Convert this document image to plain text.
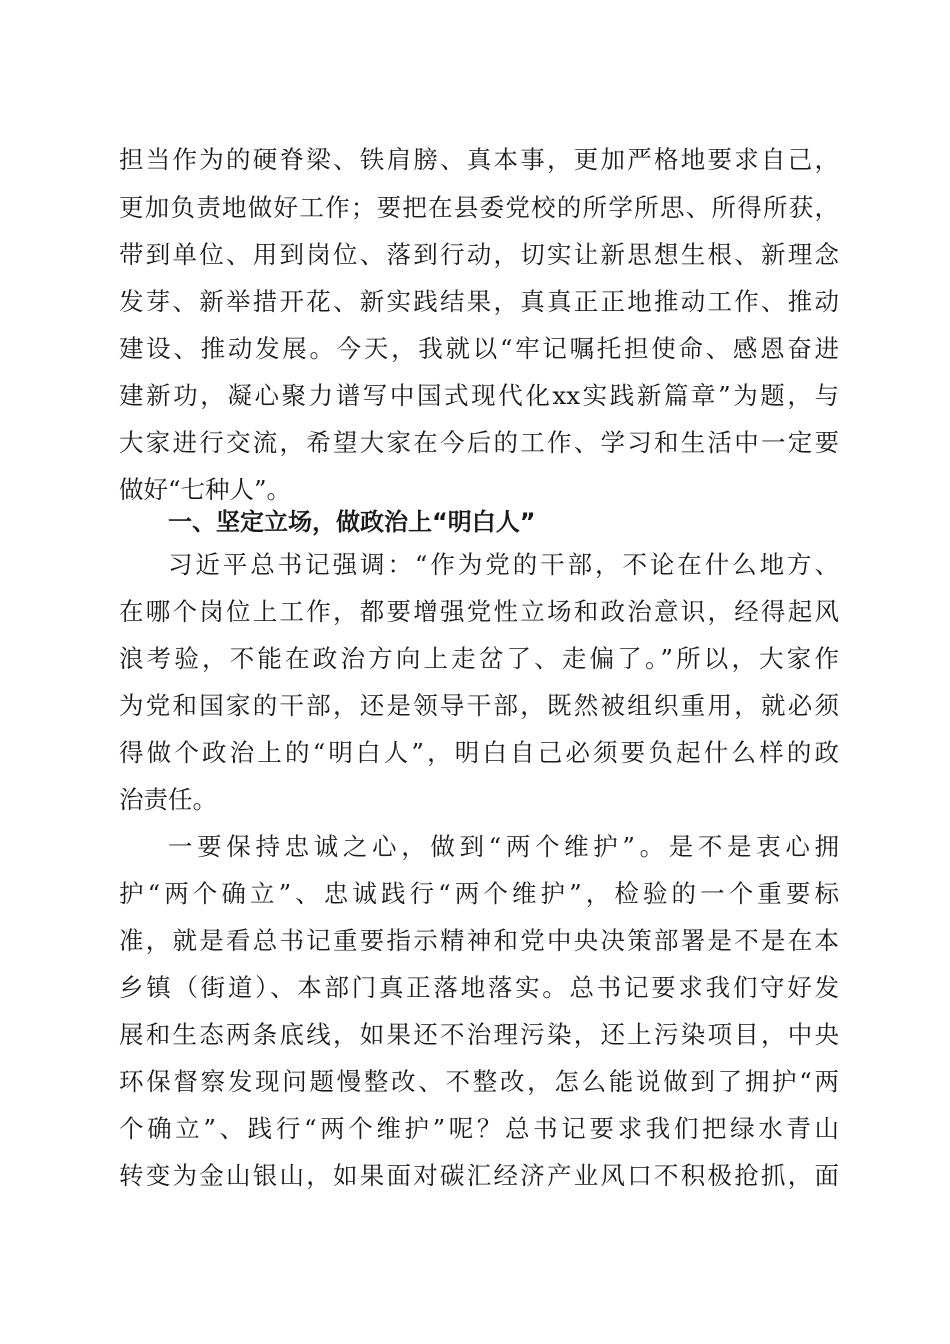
担当作为的硬脊梁、铁肩膀、真本事，更加严格地要求自己，
更加负责地做好工作；要把在县委党校的所学所思、所得所获，
带到单位、用到岗位、落到行动，切实让新思想生根、新理念
发芽、新举措开花、新实践结果，真真正正地推动工作、推动
建设、推动发展。今天，我就以“牢记嘱托担使命、感恩奋进
建新功，凝心聚力谱写中国式现代化xx实践新篇章”为题，与
大家进行交流，希望大家在今后的工作、学习和生活中一定要
做好“七种人”。
一、坚定立场，做政治上“明白人”
习近平总书记强调：“作为党的干部，不论在什么地方、
在哪个岗位上工作，都要增强党性立场和政治意识，经得起风
浪考验，不能在政治方向上走岔了、走偏了。”所以，大家作
为党和国家的干部，还是领导干部，既然被组织重用，就必须
得做个政治上的“明白人”，明白自己必须要负起什么样的政
治责任。
一要保持忠诚之心，做到“两个维护”。是不是衷心拥
护“两个确立”、忠诚践行“两个维护”，检验的一个重要标
准，就是看总书记重要指示精神和党中央决策部署是不是在本
乡镇（街道）、本部门真正落地落实。总书记要求我们守好发
展和生态两条底线，如果还不治理污染，还上污染项目，中央
环保督察发现问题慢整改、不整改，怎么能说做到了拥护“两
个确立”、践行“两个维护”呢？总书记要求我们把绿水青山
转变为金山银山，如果面对碳汇经济产业风口不积极抢抓，面
